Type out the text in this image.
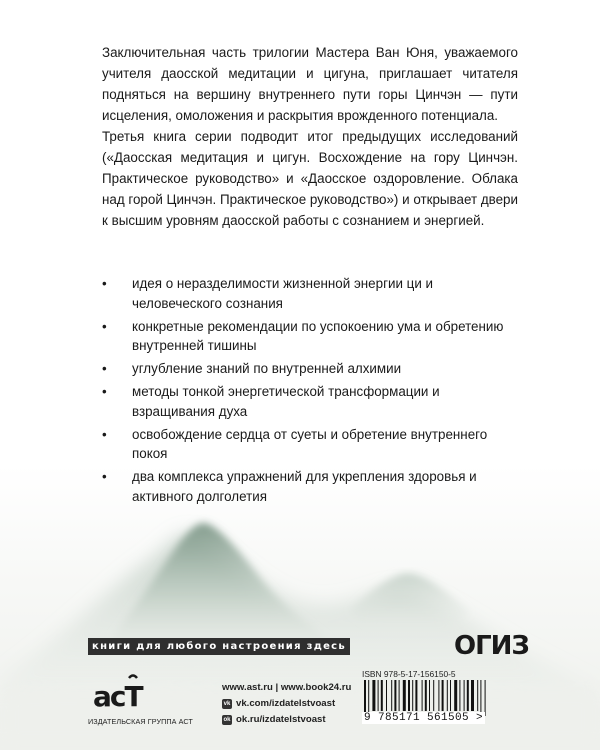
Заключительная часть трилогии Мастера Ван Юня, уважаемого учителя даосской медитации и цигуна, приглашает читателя подняться на вершину внутреннего пути горы Цинчэн — пути исцеления, омоложения и раскрытия врожденного потенциала.

Третья книга серии подводит итог предыдущих исследований («Даосская медитация и цигун. Восхождение на гору Цинчэн. Практическое руководство» и «Даосское оздоровление. Облака над горой Цинчэн. Практическое руководство») и открывает двери к высшим уровням даосской работы с сознанием и энергией.

• идея о неразделимости жизненной энергии ци и человеческого сознания
• конкретные рекомендации по успокоению ума и обретению внутренней тишины
• углубление знаний по внутренней алхимии
• методы тонкой энергетической трансформации и взращивания духа
• освобождение сердца от суеты и обретение внутреннего покоя
• два комплекса упражнений для укрепления здоровья и активного долголетия
книги для любого настроения здесь	ОГИЗ
acT
ИЗДАТЕЛЬСКАЯ ГРУППА АСТ
www.ast.ru | www.book24.ru
vk vk.com/izdatelstvoast
ok ok.ru/izdatelstvoast
ISBN 978-5-17-156150-5
9 785171 561505 >
